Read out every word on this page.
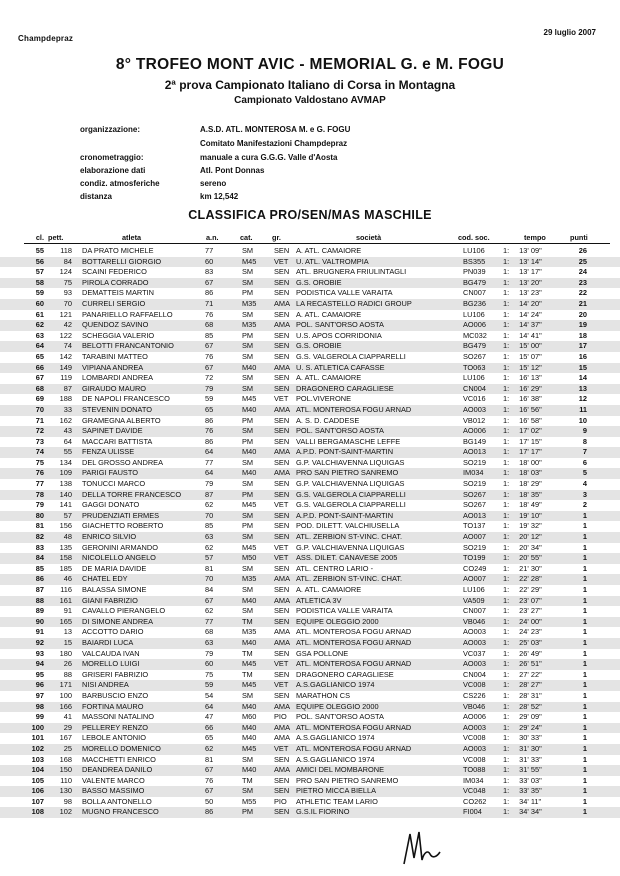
Champdepraz
29 luglio 2007
8° TROFEO MONT AVIC - MEMORIAL G. e M. FOGU
2ª prova Campionato Italiano di Corsa in Montagna
Campionato Valdostano AVMAP
organizzazione:	A.S.D. ATL. MONTEROSA M. e G. FOGU
Comitato Manifestazioni Champdepraz
cronometraggio:	manuale a cura G.G.G. Valle d'Aosta
elaborazione dati	Atl. Pont Donnas
condiz. atmosferiche	sereno
distanza	km 12,542
CLASSIFICA PRO/SEN/MAS MASCHILE
cl. pett.	atleta	a.n.	cat.	gr.	società	cod. soc.	tempo	punti
55	118 DA PRATO MICHELE	77	SM	SEN A. ATL. CAMAIORE	LU106 1: 13' 09"	26
56	84 BOTTARELLI GIORGIO	60	M45 VET U. ATL. VALTROMPIA	BS355 1: 13' 14"	25
57	124 SCAINI FEDERICO	83	SM	SEN ATL. BRUGNERA FRIULINTAGLI	PN039 1: 13' 17"	24
58	75 PIROLA CORRADO	67	SM	SEN G.S. OROBIE	BG479 1: 13' 20"	23
59	93 DEMATTEIS MARTIN	86	PM	SEN PODISTICA VALLE VARAITA	CN007 1: 13' 23"	22
60	70 CURRELI SERGIO	71	M35 AMA LA RECASTELLO RADICI GROUP	BG236 1: 14' 20"	21
61	121 PANARIELLO RAFFAELLO	76	SM	SEN A. ATL. CAMAIORE	LU106 1: 14' 24"	20
62	42 QUENDOZ SAVINO	68	M35 AMA POL. SANT'ORSO AOSTA	AO006 1: 14' 37"	19
63	122 SCHEGGIA VALERIO	85	PM	SEN U.S. APOS CORRIDONIA	MC032 1: 14' 41"	18
64	74 BELOTTI FRANCANTONIO	67	SM	SEN G.S. OROBIE	BG479 1: 15' 00"	17
65	142 TARABINI MATTEO	76	SM	SEN G.S. VALGEROLA CIAPPARELLI	SO267 1: 15' 07"	16
66	149 VIPIANA ANDREA	67	M40 AMA U. S. ATLETICA CAFASSE	TO063 1: 15' 12"	15
67	119 LOMBARDI ANDREA	72	SM	SEN A. ATL. CAMAIORE	LU106 1: 16' 13"	14
68	87 GIRAUDO MAURO	79	SM	SEN DRAGONERO CARAGLIESE	CN004 1: 16' 29"	13
69	188 DE NAPOLI FRANCESCO	59	M45 VET POL.VIVERONE	VC016 1: 16' 38"	12
70	33 STEVENIN DONATO	65	M40 AMA ATL. MONTEROSA FOGU ARNAD	AO003 1: 16' 56"	11
71	162 GRAMEGNA ALBERTO	86	PM	SEN A. S. D. CADDESE	VB012 1: 16' 58"	10
72	43 SAPINET DAVIDE	76	SM	SEN POL. SANT'ORSO AOSTA	AO006 1: 17' 02"	9
73	64 MACCARI BATTISTA	86	PM	SEN VALLI BERGAMASCHE LEFFE	BG149 1: 17' 15"	8
74	55 FENZA ULISSE	64	M40 AMA A.P.D. PONT-SAINT-MARTIN	AO013 1: 17' 17"	7
75	134 DEL GROSSO ANDREA	77	SM	SEN G.P. VALCHIAVENNA LIQUIGAS	SO219 1: 18' 00"	6
76	109 PARIGI FAUSTO	64	M40 AMA PRO SAN PIETRO SANREMO	IM034	1: 18' 03"	5
77	138 TONUCCI MARCO	79	SM	SEN G.P. VALCHIAVENNA LIQUIGAS	SO219 1: 18' 29"	4
78	140 DELLA TORRE FRANCESCO	87	PM	SEN G.S. VALGEROLA CIAPPARELLI	SO267 1: 18' 35"	3
79	141 GAGGI DONATO	62	M45 VET G.S. VALGEROLA CIAPPARELLI	SO267 1: 18' 49"	2
80	57 PRUDENZIATI ERMES	70	SM	SEN A.P.D. PONT-SAINT-MARTIN	AO013 1: 19' 10"	1
81	156 GIACHETTO ROBERTO	85	PM	SEN POD. DILETT. VALCHIUSELLA	TO137 1: 19' 32"	1
82	48 ENRICO SILVIO	63	SM	SEN ATL. ZERBION ST-VINC. CHAT.	AO007 1: 20' 12"	1
83	135 GERONINI ARMANDO	62	M45 VET G.P. VALCHIAVENNA LIQUIGAS	SO219 1: 20' 34"	1
84	158 NICOLELLO ANGELO	57	M50 VET ASS. DILET. CANAVESE 2005	TO199 1: 20' 55"	1
85	185 DE MARIA DAVIDE	81	SM	SEN ATL. CENTRO LARIO -	CO249 1: 21' 30"	1
86	46 CHATEL EDY	70	M35 AMA ATL. ZERBION ST-VINC. CHAT.	AO007 1: 22' 28"	1
87	116 BALASSA SIMONE	84	SM	SEN A. ATL. CAMAIORE	LU106 1: 22' 29"	1
88	161 GIANI FABRIZIO	67	M40 AMA ATLETICA 3V	VA509 1: 23' 07"	1
89	91 CAVALLO PIERANGELO	62	SM	SEN PODISTICA VALLE VARAITA	CN007 1: 23' 27"	1
90	165 DI SIMONE ANDREA	77	TM	SEN EQUIPE OLEGGIO 2000	VB046 1: 24' 00"	1
91	13 ACCOTTO DARIO	68	M35 AMA ATL. MONTEROSA FOGU ARNAD	AO003 1: 24' 23"	1
92	15 BAIARDI LUCA	63	M40 AMA ATL. MONTEROSA FOGU ARNAD	AO003 1: 25' 03"	1
93	180 VALCAUDA IVAN	79	TM	SEN GSA POLLONE	VC037 1: 26' 49"	1
94	26 MORELLO LUIGI	60	M45 VET ATL. MONTEROSA FOGU ARNAD	AO003 1: 26' 51"	1
95	88 GRISERI FABRIZIO	75	TM	SEN DRAGONERO CARAGLIESE	CN004 1: 27' 22"	1
96	171 NISI ANDREA	59	M45 VET A.S.GAGLIANICO 1974	VC008 1: 28' 27"	1
97	100 BARBUSCIO ENZO	54	SM	SEN MARATHON CS	CS226 1: 28' 31"	1
98	166 FORTINA MAURO	64	M40 AMA EQUIPE OLEGGIO 2000	VB046 1: 28' 52"	1
99	41 MASSONI NATALINO	47	M60 PIO POL. SANT'ORSO AOSTA	AO006 1: 29' 09"	1
100	29 PELLEREY RENZO	66	M40 AMA ATL. MONTEROSA FOGU ARNAD	AO003 1: 29' 24"	1
101	167 LEBOLE ANTONIO	65	M40 AMA A.S.GAGLIANICO 1974	VC008 1: 30' 33"	1
102	25 MORELLO DOMENICO	62	M45 VET ATL. MONTEROSA FOGU ARNAD	AO003 1: 31' 30"	1
103	168 MACCHETTI ENRICO	81	SM	SEN A.S.GAGLIANICO 1974	VC008 1: 31' 33"	1
104	150 DEANDREA DANILO	67	M40 AMA AMICI DEL MOMBARONE	TO088 1: 31' 55"	1
105	110 VALENTE MARCO	76	TM	SEN PRO SAN PIETRO SANREMO	IM034	1: 33' 03"	1
106	130 BASSO MASSIMO	67	SM	SEN PIETRO MICCA BIELLA	VC048 1: 33' 35"	1
107	98 BOLLA ANTONELLO	50	M55 PIO ATHLETIC TEAM LARIO	CO262 1: 34' 11"	1
108	102 MUGNO FRANCESCO	86	PM	SEN G.S.IL FIORINO	FI004	1: 34' 34"	1
